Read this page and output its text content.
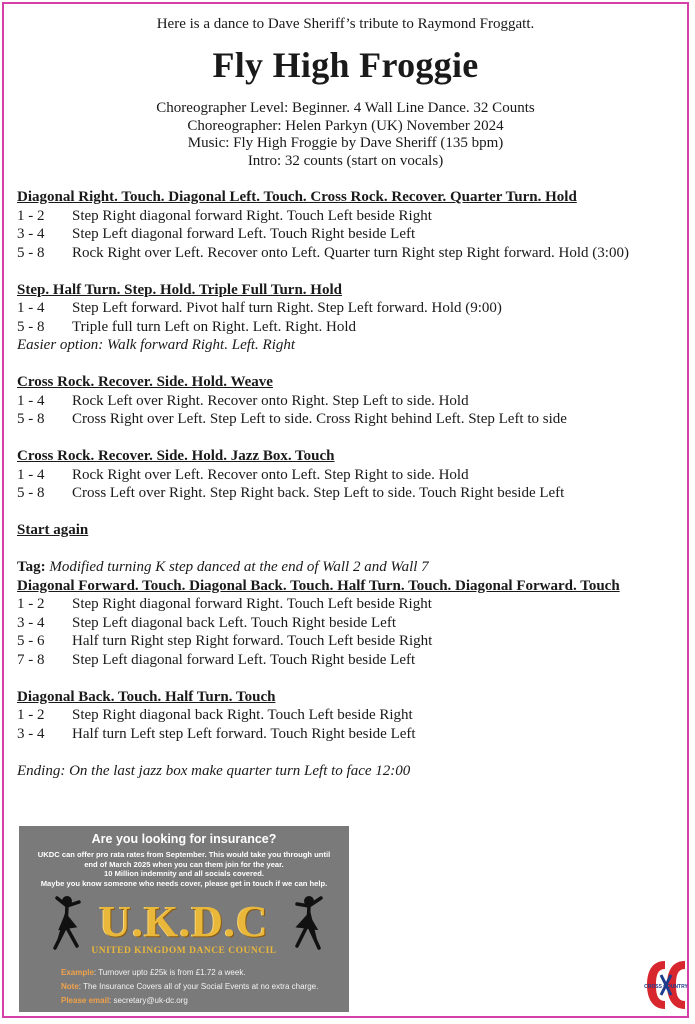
Here is a dance to Dave Sheriff’s tribute to Raymond Froggatt.
Fly High Froggie
Choreographer Level: Beginner. 4 Wall Line Dance. 32 Counts
Choreographer: Helen Parkyn (UK) November 2024
Music: Fly High Froggie by Dave Sheriff (135 bpm)
Intro: 32 counts (start on vocals)
Diagonal Right. Touch. Diagonal Left. Touch. Cross Rock. Recover. Quarter Turn. Hold
1 - 2	Step Right diagonal forward Right. Touch Left beside Right
3 - 4	Step Left diagonal forward Left. Touch Right beside Left
5 - 8	Rock Right over Left. Recover onto Left. Quarter turn Right step Right forward. Hold (3:00)
Step. Half Turn. Step. Hold. Triple Full Turn. Hold
1 - 4	Step Left forward. Pivot half turn Right. Step Left forward. Hold (9:00)
5 - 8	Triple full turn Left on Right. Left. Right. Hold
Easier option: Walk forward Right. Left. Right
Cross Rock. Recover. Side. Hold. Weave
1 - 4	Rock Left over Right. Recover onto Right. Step Left to side. Hold
5 - 8	Cross Right over Left. Step Left to side. Cross Right behind Left. Step Left to side
Cross Rock. Recover. Side. Hold. Jazz Box. Touch
1 - 4	Rock Right over Left. Recover onto Left. Step Right to side. Hold
5 - 8	Cross Left over Right. Step Right back. Step Left to side. Touch Right beside Left
Start again
Tag: Modified turning K step danced at the end of Wall 2 and Wall 7
Diagonal Forward. Touch. Diagonal Back. Touch. Half Turn. Touch. Diagonal Forward. Touch
1 - 2	Step Right diagonal forward Right. Touch Left beside Right
3 - 4	Step Left diagonal back Left. Touch Right beside Left
5 - 6	Half turn Right step Right forward. Touch Left beside Right
7 - 8	Step Left diagonal forward Left. Touch Right beside Left
Diagonal Back. Touch. Half Turn. Touch
1 - 2	Step Right diagonal back Right. Touch Left beside Right
3 - 4	Half turn Left step Left forward. Touch Right beside Left
Ending: On the last jazz box make quarter turn Left to face 12:00
Are you looking for insurance?
UKDC can offer pro rata rates from September. This would take you through until
end of March 2025 when you can them join for the year.
10 Million indemnity and all socials covered.
Maybe you know someone who needs cover, please get in touch if we can help.
U.K.D.C
UNITED KINGDOM DANCE COUNCIL
Example: Turnover upto £25k is from £1.72 a week.
Note: The Insurance Covers all of your Social Events at no extra charge.
Please email: secretary@uk-dc.org
CROSS COUNTRY
